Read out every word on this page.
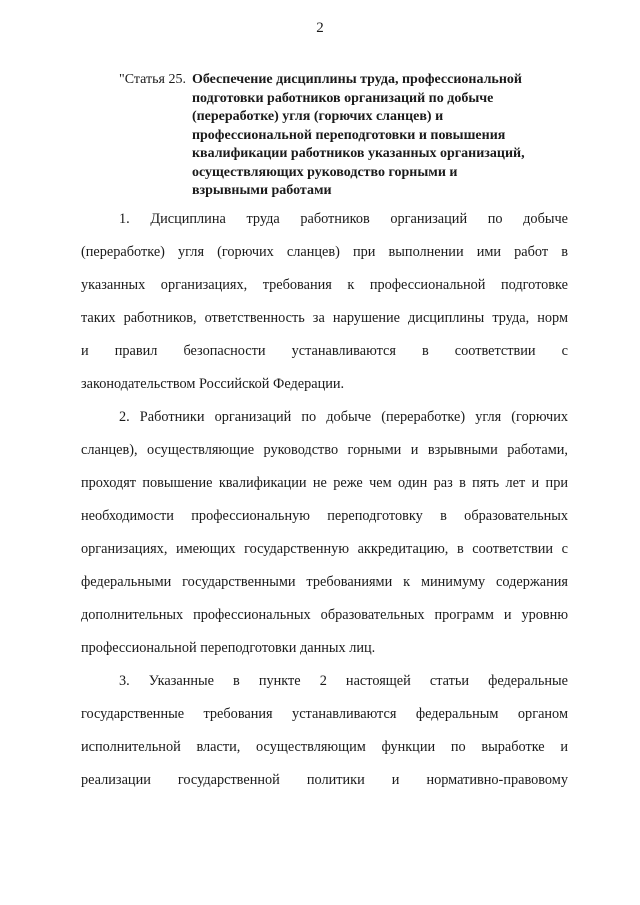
2
"Статья 25. Обеспечение дисциплины труда, профессиональной
подготовки работников организаций по добыче
(переработке) угля (горючих сланцев) и
профессиональной переподготовки и повышения
квалификации работников указанных организаций,
осуществляющих руководство горными и
взрывными работами
1. Дисциплина труда работников организаций по добыче
(переработке) угля (горючих сланцев) при выполнении ими работ в
указанных организациях, требования к профессиональной подготовке
таких работников, ответственность за нарушение дисциплины труда, норм
и правил безопасности устанавливаются в соответствии с
законодательством Российской Федерации.
2. Работники организаций по добыче (переработке) угля (горючих
сланцев), осуществляющие руководство горными и взрывными работами,
проходят повышение квалификации не реже чем один раз в пять лет и при
необходимости профессиональную переподготовку в образовательных
организациях, имеющих государственную аккредитацию, в соответствии с
федеральными государственными требованиями к минимуму содержания
дополнительных профессиональных образовательных программ и уровню
профессиональной переподготовки данных лиц.
3. Указанные в пункте 2 настоящей статьи федеральные
государственные требования устанавливаются федеральным органом
исполнительной власти, осуществляющим функции по выработке и
реализации государственной политики и нормативно-правовому
